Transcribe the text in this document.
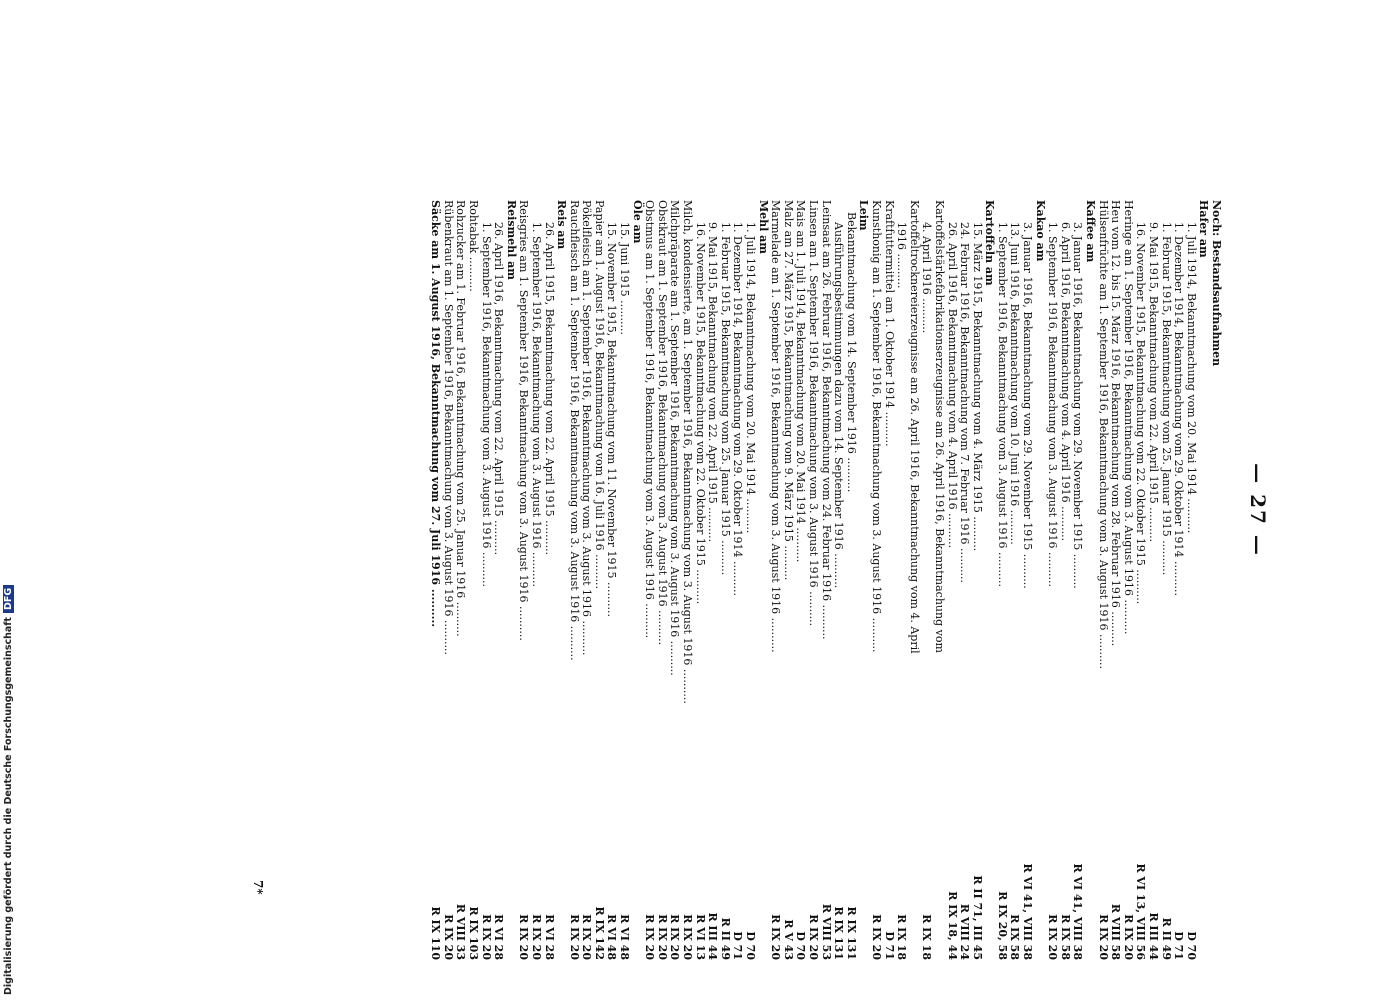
— 27 —
Noch: Bestandsaufnahmen
Hafer am
1. Juli 1914, Bekanntmachung vom 20. Mai 1914 ..........
D 70
1. Dezember 1914, Bekanntmachung vom 29. Oktober 1914 ..........
D 71
1. Februar 1915, Bekanntmachung vom 25. Januar 1915 ..........
R II 49
9. Mai 1915, Bekanntmachung vom 22. April 1915 ..........
R III 44
16. November 1915, Bekanntmachung vom 22. Oktober 1915 ..........
R VI 13, VIII 56
Heringe am 1. September 1916, Bekanntmachung vom 3. August 1916 ..........
R IX 20
Heu vom 12. bis 15. März 1916, Bekanntmachung vom 28. Februar 1916 ..........
R VIII 58
Hülsenfrüchte am 1. September 1916, Bekanntmachung vom 3. August 1916 ..........
R IX 20
Kaffee am
3. Januar 1916, Bekanntmachung vom 29. November 1915 ..........
R VI 41, VIII 38
6. April 1916, Bekanntmachung vom 4. April 1916 ..........
R IX 58
1. September 1916, Bekanntmachung vom 3. August 1916 ..........
R IX 20
Kakao am
3. Januar 1916, Bekanntmachung vom 29. November 1915 ..........
R VI 41, VIII 38
13. Juni 1916, Bekanntmachung vom 10. Juni 1916 ..........
R IX 58
1. September 1916, Bekanntmachung vom 3. August 1916 ..........
R IX 20, 58
Kartoffeln am
15. März 1915, Bekanntmachung vom 4. März 1915 ..........
R II 71, III 45
24. Februar 1916, Bekanntmachung vom 7. Februar 1916 ..........
R VIII 24
26. April 1916, Bekanntmachung vom 4. April 1916 ..........
R IX 18, 44
Kartoffelstärkefabrikationserzeugnisse am 26. April 1916, Bekanntmachung vom
4. April 1916 ..........
R IX 18
Kartoffeltrocknereierzeugnisse am 26. April 1916, Bekanntmachung vom 4. April
1916 ..........
R IX 18
Kraftfuttermittel am 1. Oktober 1914 ..........
D 71
Kunsthonig am 1. September 1916, Bekanntmachung vom 3. August 1916 ..........
R IX 20
Leim
Bekanntmachung vom 14. September 1916 ..........
R IX 131
Ausführungsbestimmungen dazu vom 14. September 1916 ..........
R IX 131
Leinsaat am 26. Februar 1916, Bekanntmachung vom 24. Februar 1916 ..........
R VIII 53
Linsen am 1. September 1916, Bekanntmachung vom 3. August 1916 ..........
R IX 20
Mais am 1. Juli 1914, Bekanntmachung vom 20. Mai 1914 ..........
D 70
Malz am 27. März 1915, Bekanntmachung vom 9. März 1915 ..........
R V 43
Marmelade am 1. September 1916, Bekanntmachung vom 3. August 1916 ..........
R IX 20
Mehl am
1. Juli 1914, Bekanntmachung vom 20. Mai 1914 ..........
D 70
1. Dezember 1914, Bekanntmachung vom 29. Oktober 1914 ..........
D 71
1. Februar 1915, Bekanntmachung vom 25. Januar 1915 ..........
R II 49
9. Mai 1915, Bekanntmachung vom 22. April 1915 ..........
R III 44
16. November 1915, Bekanntmachung vom 22. Oktober 1915 ..........
R VI 13
Milch, kondensierte, am 1. September 1916, Bekanntmachung vom 3. August 1916 ..........
R IX 20
Milchpräparate am 1. September 1916, Bekanntmachung vom 3. August 1916 ..........
R IX 20
Obstkraut am 1. September 1916, Bekanntmachung vom 3. August 1916 ..........
R IX 20
Obstmus am 1. September 1916, Bekanntmachung vom 3. August 1916 ..........
R IX 20
Öle am
15. Juni 1915 ..........
R VI 48
15. November 1915, Bekanntmachung vom 11. November 1915 ..........
R VI 48
Papier am 1. August 1916, Bekanntmachung vom 16. Juli 1916 ..........
R IX 142
Pökelfleisch am 1. September 1916, Bekanntmachung vom 3. August 1916 ..........
R IX 20
Rauchfleisch am 1. September 1916, Bekanntmachung vom 3. August 1916 ..........
R IX 20
Reis am
26. April 1915, Bekanntmachung vom 22. April 1915 ..........
R VI 28
1. September 1916, Bekanntmachung vom 3. August 1916 ..........
R IX 20
Reisgries am 1. September 1916, Bekanntmachung vom 3. August 1916 ..........
R IX 20
Reismehl am
26. April 1916, Bekanntmachung vom 22. April 1915 ..........
R VI 28
1. September 1916, Bekanntmachung vom 3. August 1916 ..........
R IX 20
Rohtabak ..........
R IX 103
Rohzucker am 1. Februar 1916, Bekanntmachung vom 25. Januar 1916 ..........
R VIII 33
Rübenkraut am 1. September 1916, Bekanntmachung vom 3. August 1916 ..........
R IX 20
Säcke am 1. August 1916, Bekanntmachung vom 27. Juli 1916 ..........
R IX 110
7*
Digitalisierung gefördert durch die Deutsche ForschungsgemeinschaftDFG
